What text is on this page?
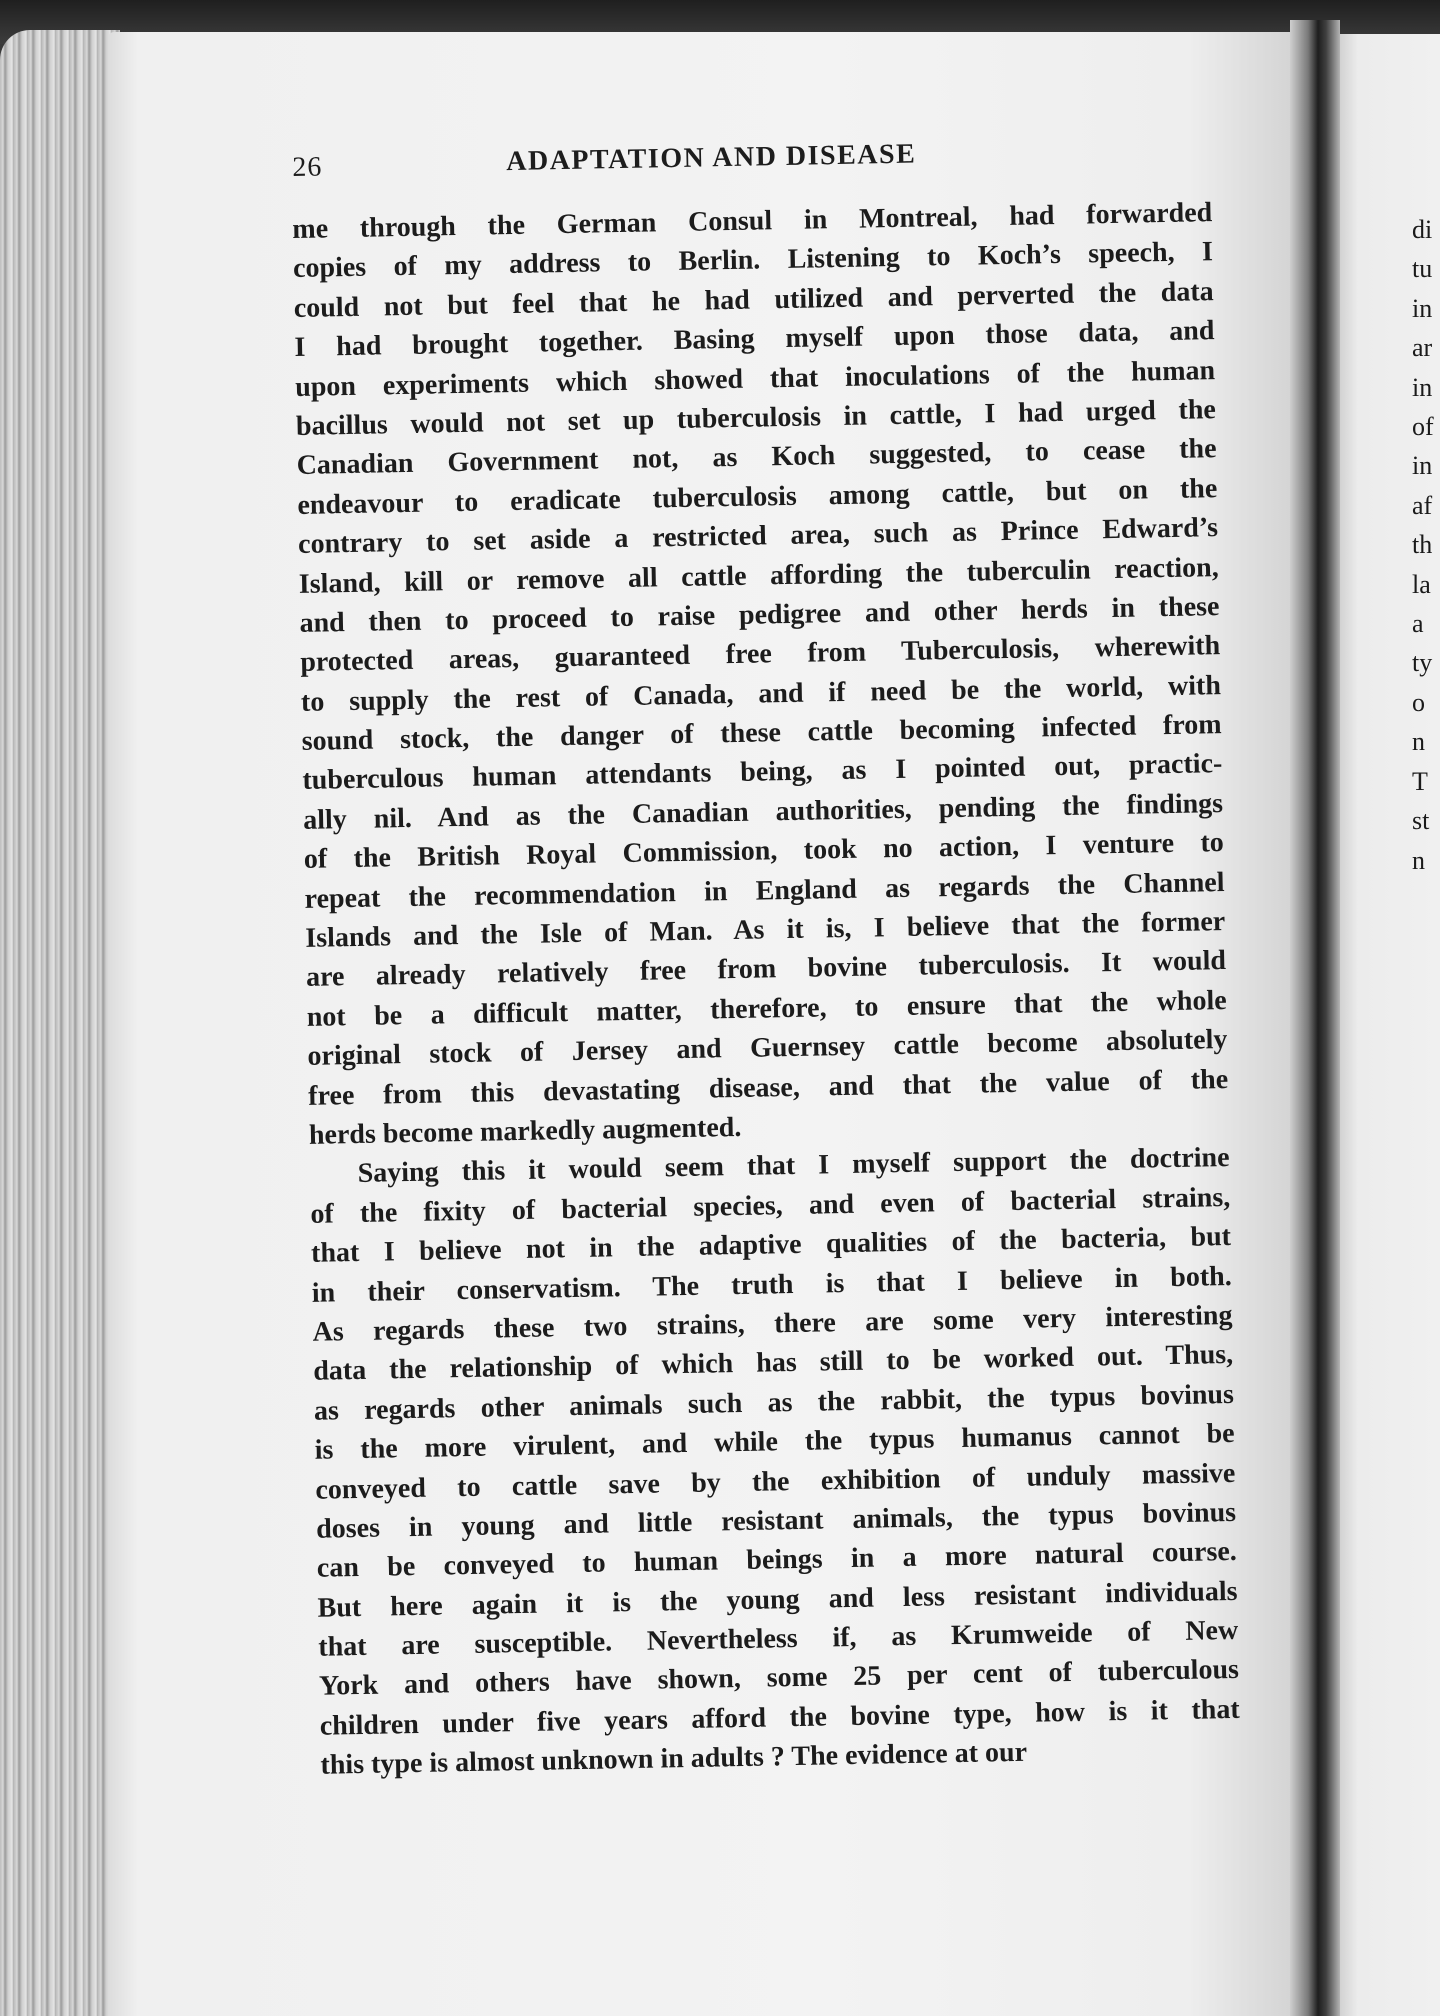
26	ADAPTATION AND DISEASE
me through the German Consul in Montreal, had forwarded
copies of my address to Berlin. Listening to Koch’s speech, I
could not but feel that he had utilized and perverted the data
I had brought together. Basing myself upon those data, and
upon experiments which showed that inoculations of the human
bacillus would not set up tuberculosis in cattle, I had urged the
Canadian Government not, as Koch suggested, to cease the
endeavour to eradicate tuberculosis among cattle, but on the
contrary to set aside a restricted area, such as Prince Edward’s
Island, kill or remove all cattle affording the tuberculin reaction,
and then to proceed to raise pedigree and other herds in these
protected areas, guaranteed free from Tuberculosis, wherewith
to supply the rest of Canada, and if need be the world, with
sound stock, the danger of these cattle becoming infected from
tuberculous human attendants being, as I pointed out, practic-
ally nil. And as the Canadian authorities, pending the findings
of the British Royal Commission, took no action, I venture to
repeat the recommendation in England as regards the Channel
Islands and the Isle of Man. As it is, I believe that the former
are already relatively free from bovine tuberculosis. It would
not be a difficult matter, therefore, to ensure that the whole
original stock of Jersey and Guernsey cattle become absolutely
free from this devastating disease, and that the value of the
herds become markedly augmented.
Saying this it would seem that I myself support the doctrine
of the fixity of bacterial species, and even of bacterial strains,
that I believe not in the adaptive qualities of the bacteria, but
in their conservatism. The truth is that I believe in both.
As regards these two strains, there are some very interesting
data the relationship of which has still to be worked out. Thus,
as regards other animals such as the rabbit, the typus bovinus
is the more virulent, and while the typus humanus cannot be
conveyed to cattle save by the exhibition of unduly massive
doses in young and little resistant animals, the typus bovinus
can be conveyed to human beings in a more natural course.
But here again it is the young and less resistant individuals
that are susceptible. Nevertheless if, as Krumweide of New
York and others have shown, some 25 per cent of tuberculous
children under five years afford the bovine type, how is it that
this type is almost unknown in adults ? The evidence at our
di
tu
in
ar
in
of
in
af
th
la
a
ty
o
n
T
st
n
